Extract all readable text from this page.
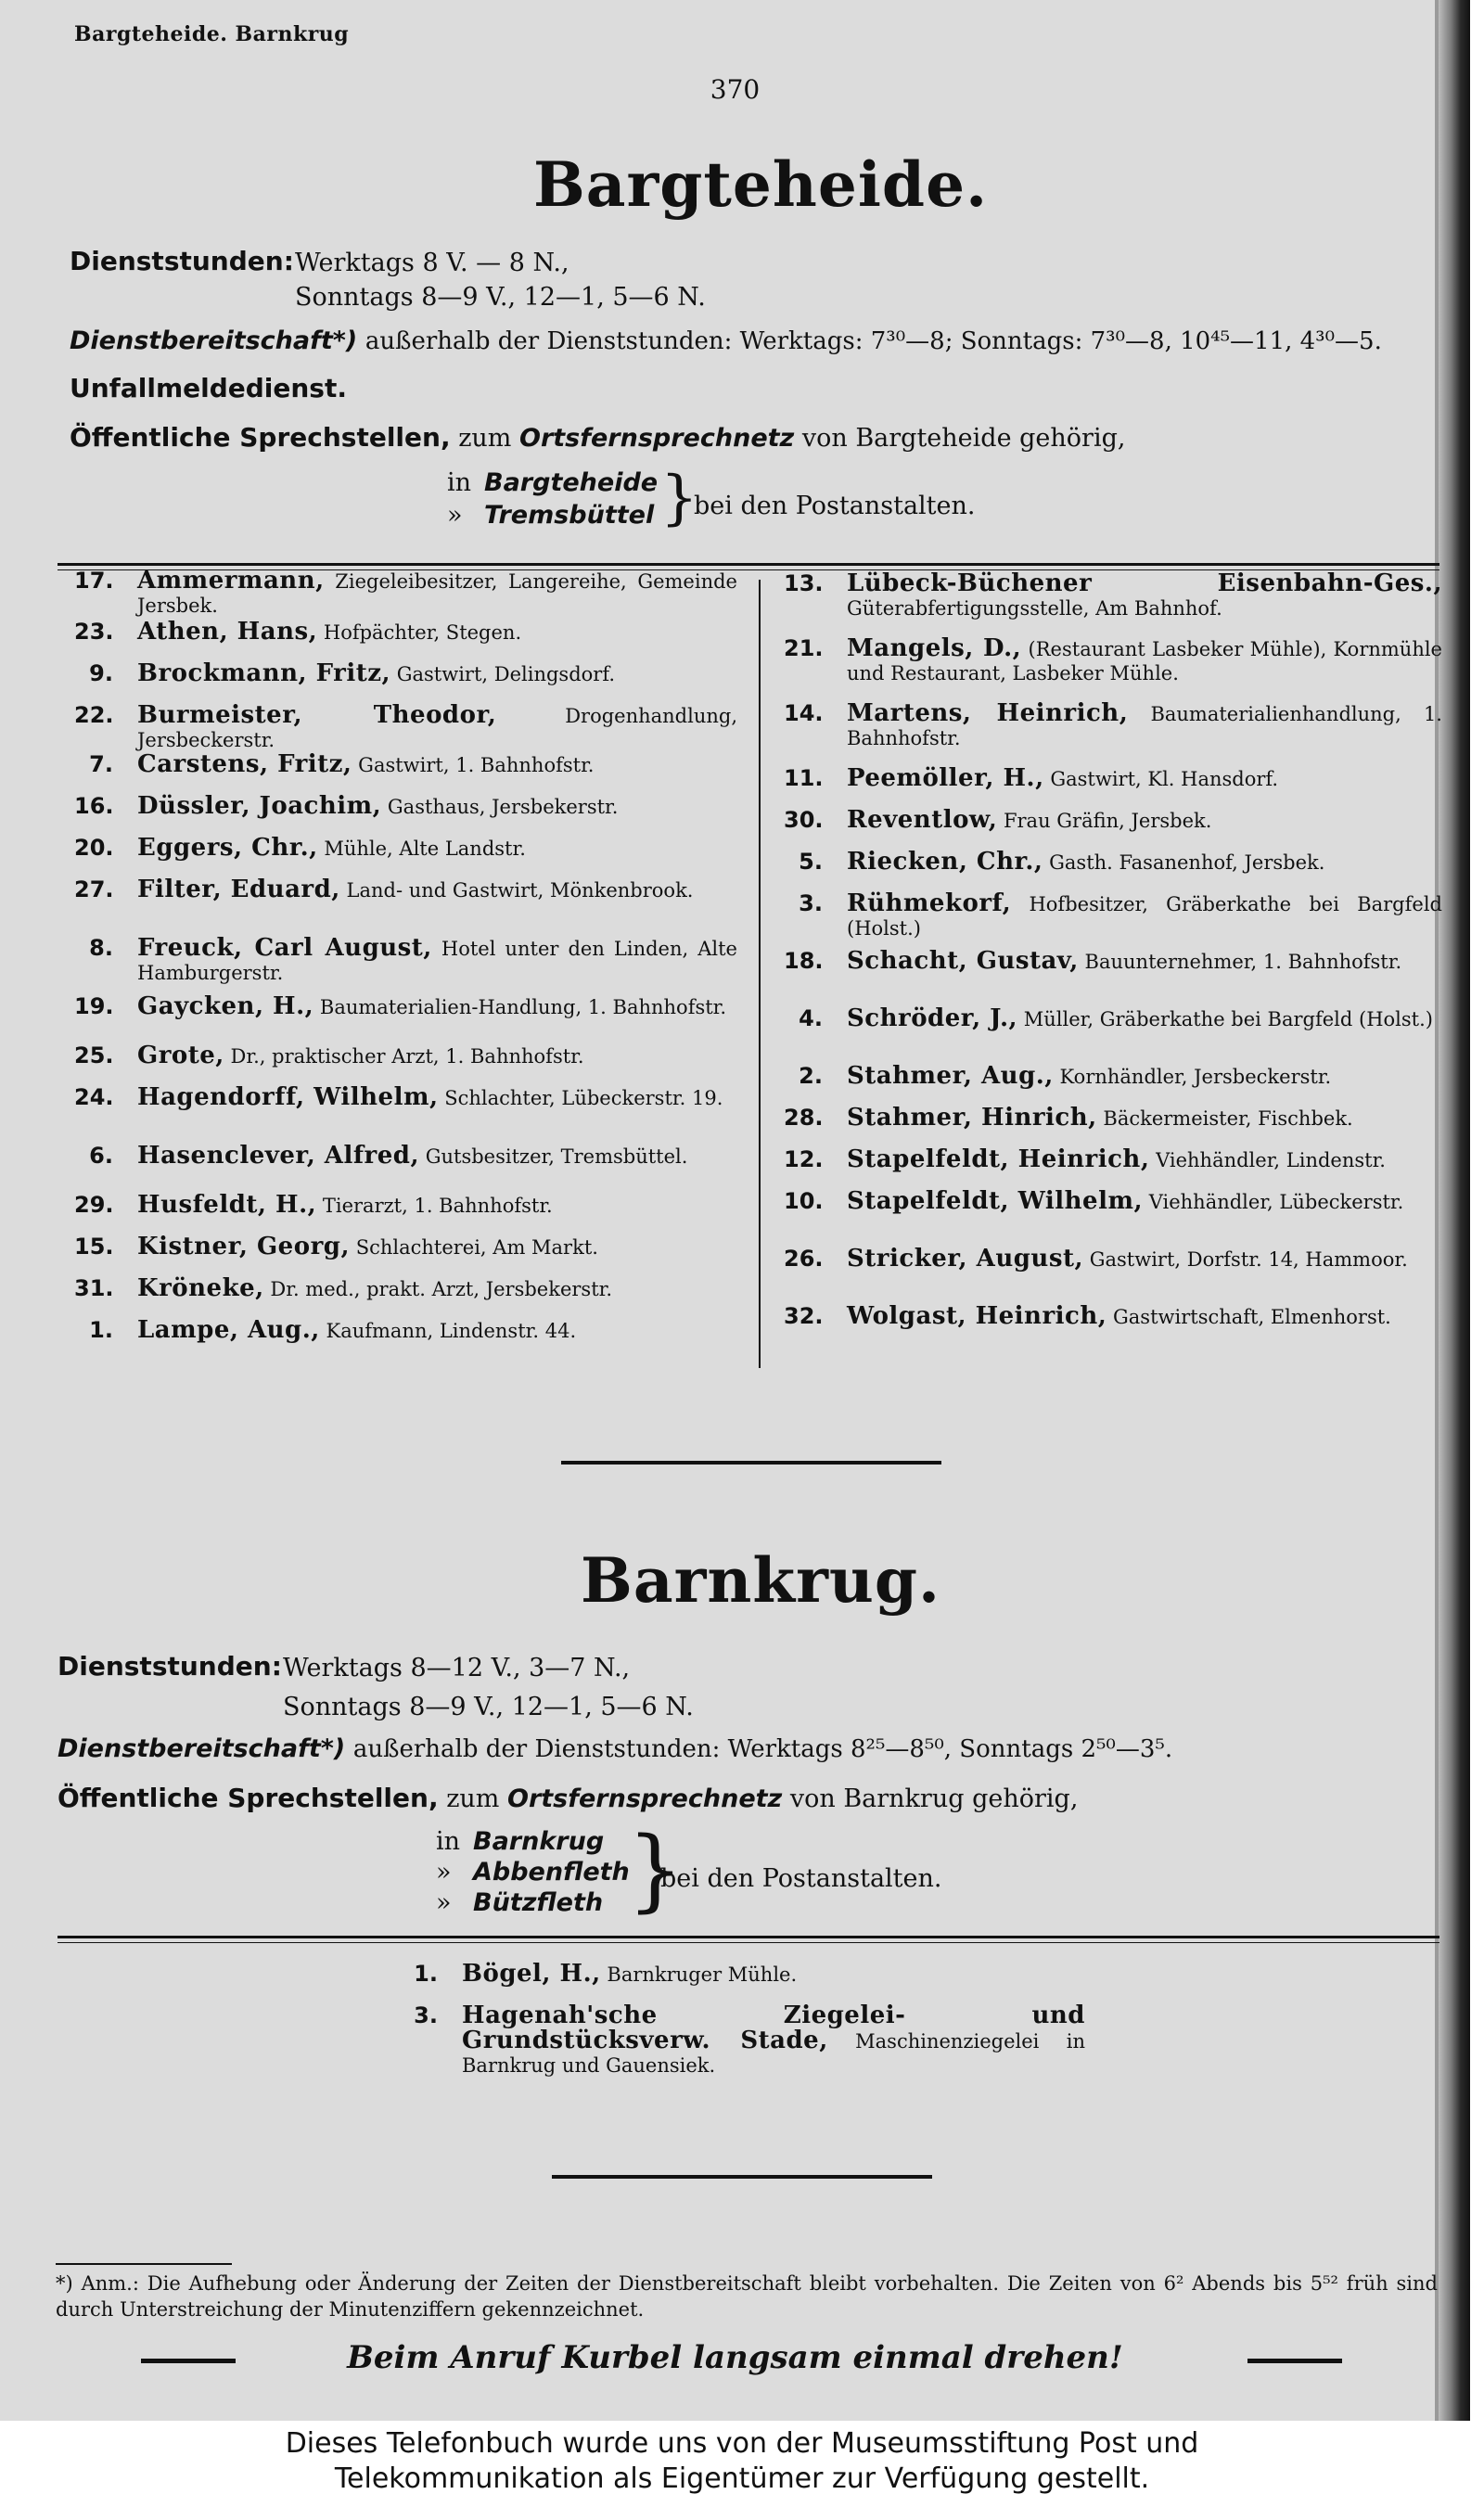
Bargteheide. Barnkrug
370
Bargteheide.
Dienststunden: Werktags 8 V. — 8 N.,
Sonntags 8—9 V., 12—1, 5—6 N.
Dienstbereitschaft*) außerhalb der Dienststunden: Werktags: 7³⁰—8; Sonntags: 7³⁰—8, 10⁴⁵—11, 4³⁰—5.
Unfallmeldedienst.
Öffentliche Sprechstellen, zum Ortsfernsprechnetz von Bargteheide gehörig,
in Bargteheide
» Tremsbüttel }
bei den Postanstalten.
17. Ammermann, Ziegeleibesitzer, Langereihe, Gemeinde Jersbek.
23. Athen, Hans, Hofpächter, Stegen.
9. Brockmann, Fritz, Gastwirt, Delingsdorf.
22. Burmeister, Theodor,	Drogenhandlung, Jersbeckerstr.
7. Carstens, Fritz, Gastwirt, 1. Bahnhofstr.
16. Düssler, Joachim, Gasthaus, Jersbekerstr.
20. Eggers, Chr., Mühle, Alte Landstr.
27. Filter, Eduard, Land- und Gastwirt, Mönkenbrook.
8. Freuck, Carl August, Hotel unter den Linden, Alte Hamburgerstr.
19. Gaycken, H., Baumaterialien-Handlung, 1. Bahnhofstr.
25. Grote, Dr., praktischer Arzt, 1. Bahnhofstr.
24. Hagendorff, Wilhelm, Schlachter, Lübeckerstr. 19.
6. Hasenclever, Alfred, Gutsbesitzer, Tremsbüttel.
29. Husfeldt, H., Tierarzt, 1. Bahnhofstr.
15. Kistner, Georg, Schlachterei, Am Markt.
31. Kröneke, Dr. med., prakt. Arzt, Jersbekerstr.
1. Lampe, Aug., Kaufmann, Lindenstr. 44.
13. Lübeck-Büchener Eisenbahn-Ges., Güterabfertigungsstelle, Am Bahnhof.
21. Mangels, D., (Restaurant Lasbeker Mühle), Kornmühle und Restaurant, Lasbeker Mühle.
14. Martens, Heinrich, Baumaterialienhandlung, 1. Bahnhofstr.
11. Peemöller, H., Gastwirt, Kl. Hansdorf.
30. Reventlow, Frau Gräfin, Jersbek.
5. Riecken, Chr., Gasth. Fasanenhof, Jersbek.
3. Rühmekorf, Hofbesitzer, Gräberkathe bei Bargfeld (Holst.)
18. Schacht, Gustav, Bauunternehmer, 1. Bahnhofstr.
4. Schröder, J., Müller, Gräberkathe bei Bargfeld (Holst.)
2. Stahmer, Aug., Kornhändler, Jersbeckerstr.
28. Stahmer, Hinrich, Bäckermeister, Fischbek.
12. Stapelfeldt, Heinrich, Viehhändler, Lindenstr.
10. Stapelfeldt, Wilhelm, Viehhändler, Lübeckerstr.
26. Stricker, August, Gastwirt, Dorfstr. 14, Hammoor.
32. Wolgast, Heinrich, Gastwirtschaft, Elmenhorst.
Barnkrug.
Dienststunden: Werktags 8—12 V., 3—7 N.,
Sonntags 8—9 V., 12—1, 5—6 N.
Dienstbereitschaft*) außerhalb der Dienststunden: Werktags 8²⁵—8⁵⁰, Sonntags 2⁵⁰—3⁵.
Öffentliche Sprechstellen, zum Ortsfernsprechnetz von Barnkrug gehörig,
in Barnkrug
» Abbenfleth
» Bützfleth }
bei den Postanstalten.
1. Bögel, H., Barnkruger Mühle.
3. Hagenah'sche Ziegelei- und Grundstücksverw. Stade, Maschinenziegelei in Barnkrug und Gauensiek.
*) Anm.: Die Aufhebung oder Änderung der Zeiten der Dienstbereitschaft bleibt vorbehalten. Die Zeiten von 6² Abends bis 5⁵² früh sind durch Unterstreichung der Minutenziffern gekennzeichnet.
Beim Anruf Kurbel langsam einmal drehen!
Dieses Telefonbuch wurde uns von der Museumsstiftung Post und
Telekommunikation als Eigentümer zur Verfügung gestellt.
